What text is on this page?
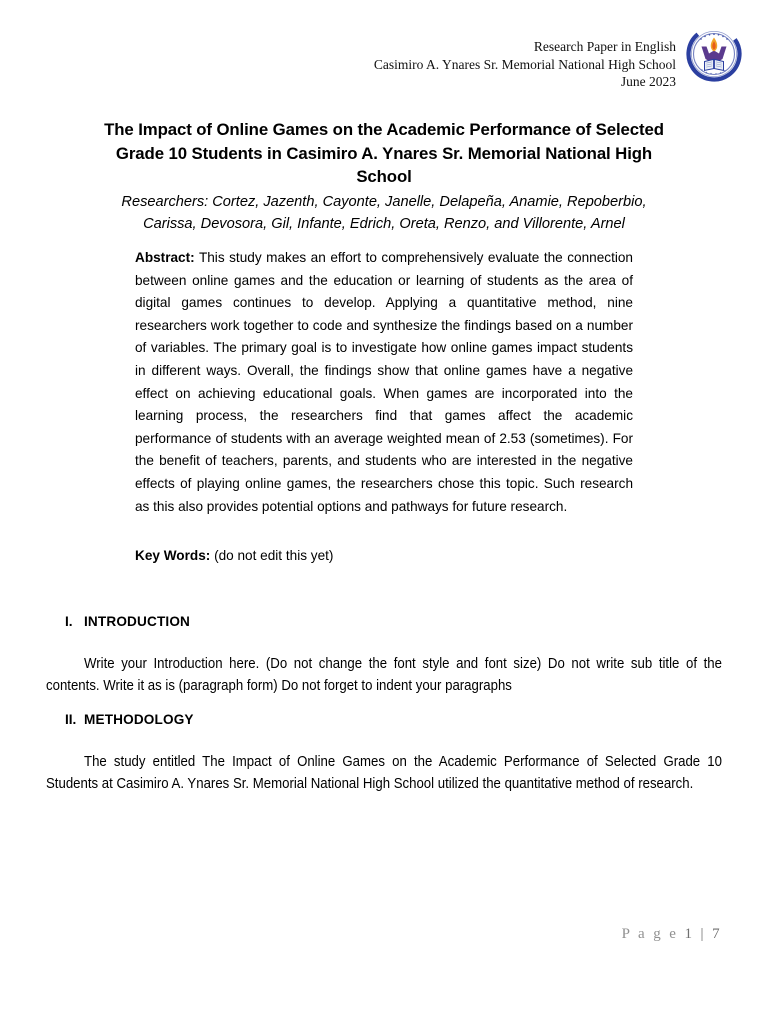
Research Paper in English
Casimiro A. Ynares Sr. Memorial National High School
June 2023
The Impact of Online Games on the Academic Performance of Selected Grade 10 Students in Casimiro A. Ynares Sr. Memorial National High School

Researchers: Cortez, Jazenth, Cayonte, Janelle, Delapeña, Anamie, Repoberbio, Carissa, Devosora, Gil, Infante, Edrich, Oreta, Renzo, and Villorente, Arnel

Abstract: This study makes an effort to comprehensively evaluate the connection between online games and the education or learning of students as the area of digital games continues to develop. Applying a quantitative method, nine researchers work together to code and synthesize the findings based on a number of variables. The primary goal is to investigate how online games impact students in different ways. Overall, the findings show that online games have a negative effect on achieving educational goals. When games are incorporated into the learning process, the researchers find that games affect the academic performance of students with an average weighted mean of 2.53 (sometimes). For the benefit of teachers, parents, and students who are interested in the negative effects of playing online games, the researchers chose this topic. Such research as this also provides potential options and pathways for future research.

Key Words: (do not edit this yet)

I. INTRODUCTION

Write your Introduction here. (Do not change the font style and font size) Do not write sub title of the contents. Write it as is (paragraph form) Do not forget to indent your paragraphs

II. METHODOLOGY

The study entitled The Impact of Online Games on the Academic Performance of Selected Grade 10 Students at Casimiro A. Ynares Sr. Memorial National High School utilized the quantitative method of research.

P a g e 1 | 7
